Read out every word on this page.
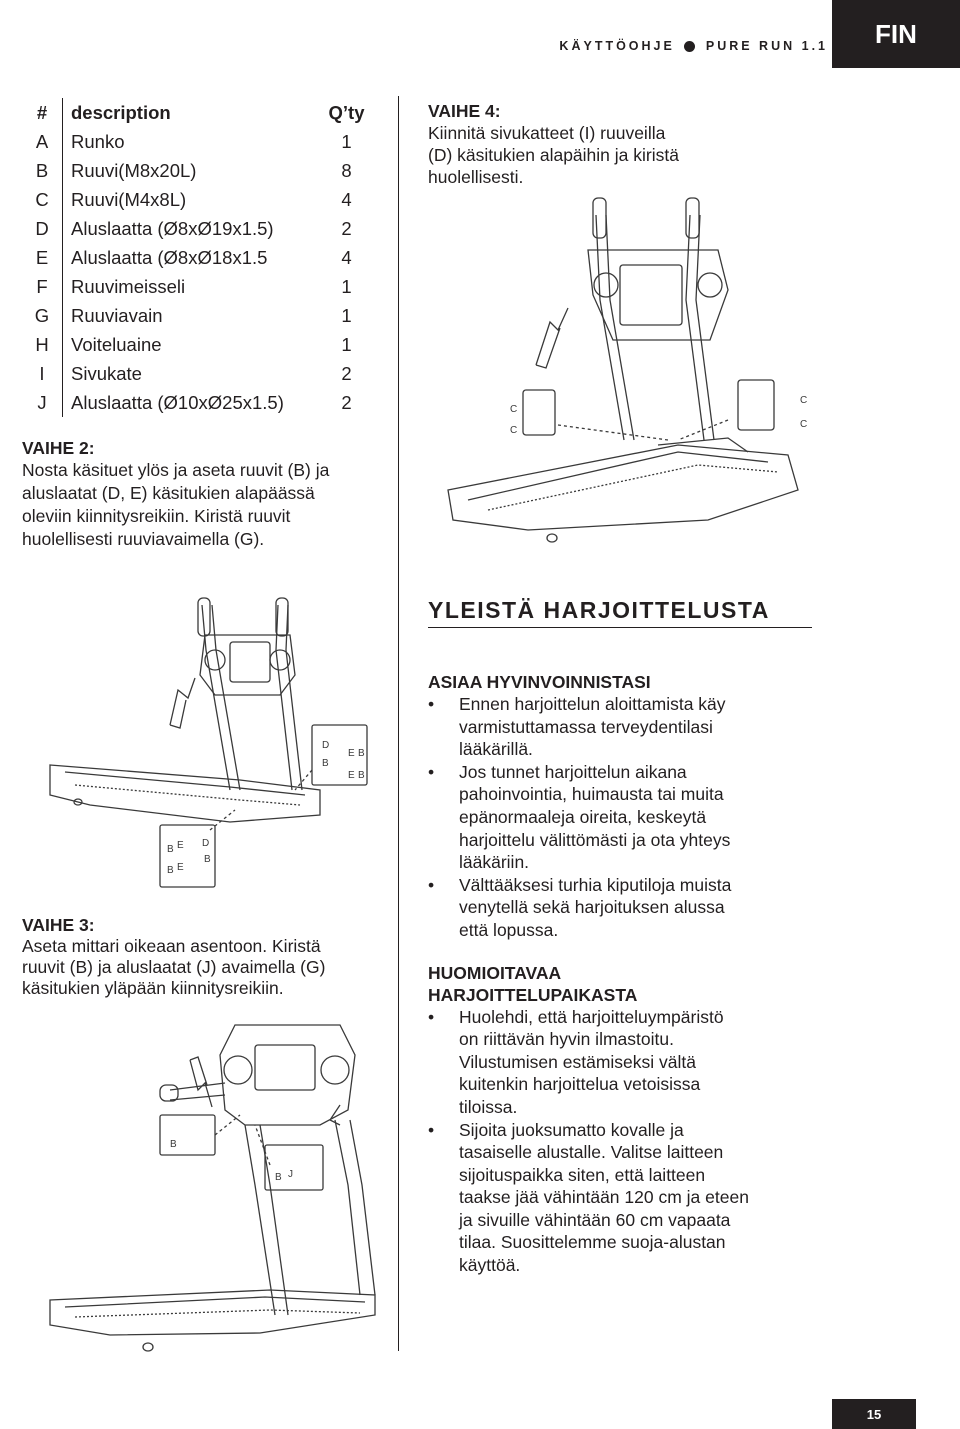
KÄYTTÖOHJE PURE RUN 1.1	FIN
#	description	Q’ty
A	Runko	1
B	Ruuvi(M8x20L)	8
C	Ruuvi(M4x8L)	4
D	Aluslaatta (Ø8xØ19x1.5)	2
E	Aluslaatta (Ø8xØ18x1.5	4
F	Ruuvimeisseli	1
G	Ruuviavain	1
H	Voiteluaine	1
I	Sivukate	2
J	Aluslaatta (Ø10xØ25x1.5)	2
VAIHE 2:
Nosta käsituet ylös ja aseta ruuvit (B) ja
aluslaatat (D, E) käsitukien alapäässä
oleviin kiinnitysreikiin. Kiristä ruuvit
huolellisesti ruuviavaimella (G).
VAIHE 4:
Kiinnitä sivukatteet (I) ruuveilla
(D) käsitukien alapäihin ja kiristä
huolellisesti.
C
C
C
C
D
E
B
B
E B
B E D
B E
B
VAIHE 3:
Aseta mittari oikeaan asentoon. Kiristä
ruuvit (B) ja aluslaatat (J) avaimella (G)
käsitukien yläpään kiinnitysreikiin.
B
B J
YLEISTÄ HARJOITTELUSTA
ASIAA HYVINVOINNISTASI
• Ennen harjoittelun aloittamista käy
varmistuttamassa terveydentilasi
lääkärillä.
• Jos tunnet harjoittelun aikana
pahoinvointia, huimausta tai muita
epänormaaleja oireita, keskeytä
harjoittelu välittömästi ja ota yhteys
lääkäriin.
• Välttääksesi turhia kiputiloja muista
venytellä sekä harjoituksen alussa
että lopussa.
HUOMIOITAVAA
HARJOITTELUPAIKASTA
• Huolehdi, että harjoitteluympäristö
on riittävän hyvin ilmastoitu.
Vilustumisen estämiseksi vältä
kuitenkin harjoittelua vetoisissa
tiloissa.
• Sijoita juoksumatto kovalle ja
tasaiselle alustalle. Valitse laitteen
sijoituspaikka siten, että laitteen
taakse jää vähintään 120 cm ja eteen
ja sivuille vähintään 60 cm vapaata
tilaa. Suosittelemme suoja-alustan
käyttöä.
15
